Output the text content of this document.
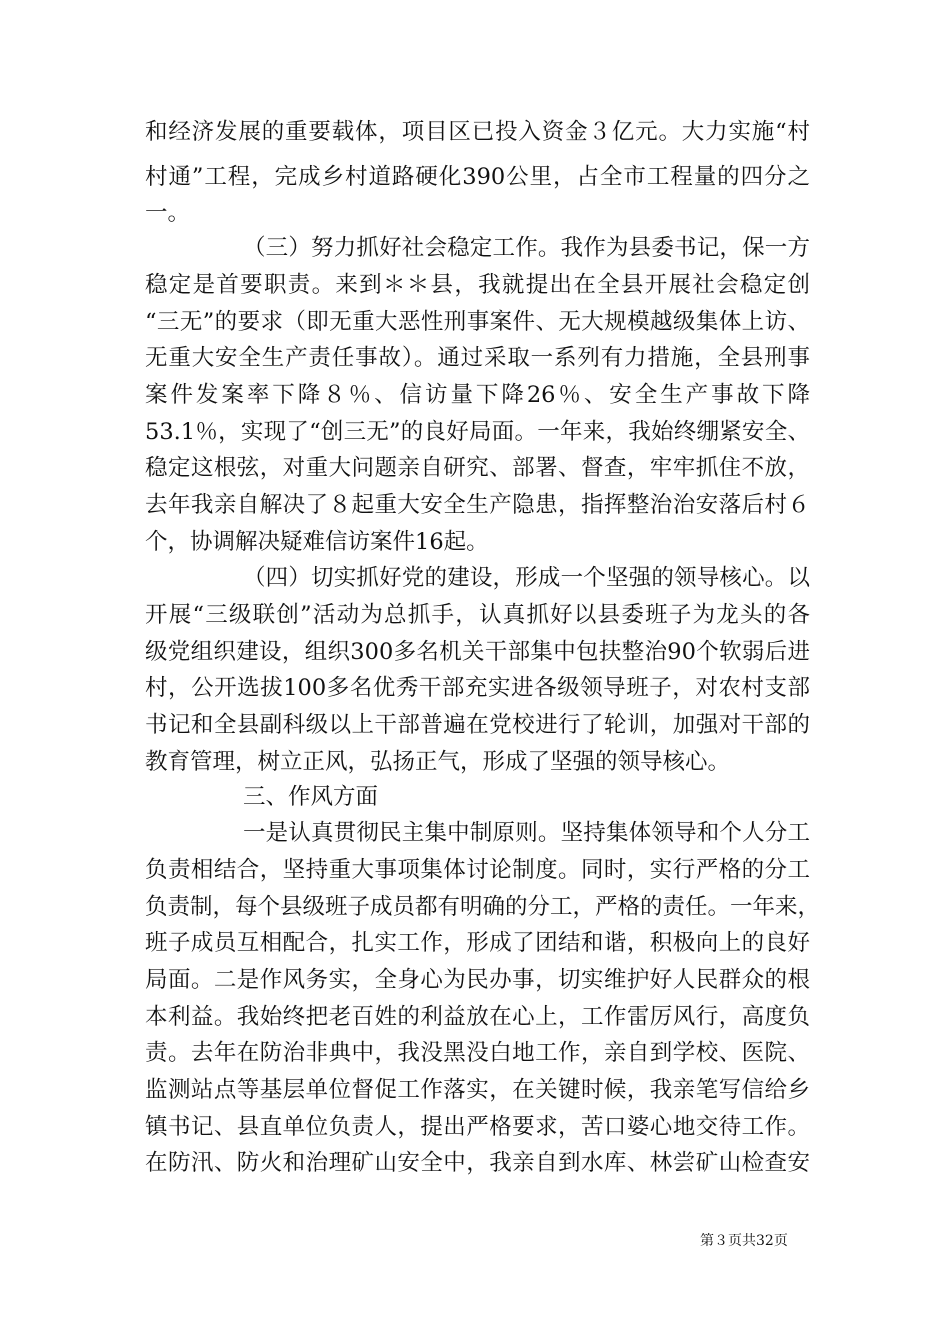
和经济发展的重要载体，项目区已投入资金３亿元。大力实施“村
村通”工程，完成乡村道路硬化390公里，占全市工程量的四分之
一。
（三）努力抓好社会稳定工作。我作为县委书记，保一方
稳定是首要职责。来到＊＊县，我就提出在全县开展社会稳定创
“三无”的要求（即无重大恶性刑事案件、无大规模越级集体上访、
无重大安全生产责任事故）。通过采取一系列有力措施，全县刑事
案件发案率下降８％、信访量下降26％、安全生产事故下降
53.1％，实现了“创三无”的良好局面。一年来，我始终绷紧安全、
稳定这根弦，对重大问题亲自研究、部署、督查，牢牢抓住不放，
去年我亲自解决了８起重大安全生产隐患，指挥整治治安落后村６
个，协调解决疑难信访案件16起。
（四）切实抓好党的建设，形成一个坚强的领导核心。以
开展“三级联创”活动为总抓手，认真抓好以县委班子为龙头的各
级党组织建设，组织300多名机关干部集中包扶整治90个软弱后进
村，公开选拔100多名优秀干部充实进各级领导班子，对农村支部
书记和全县副科级以上干部普遍在党校进行了轮训，加强对干部的
教育管理，树立正风，弘扬正气，形成了坚强的领导核心。
三、作风方面
一是认真贯彻民主集中制原则。坚持集体领导和个人分工
负责相结合，坚持重大事项集体讨论制度。同时，实行严格的分工
负责制，每个县级班子成员都有明确的分工，严格的责任。一年来，
班子成员互相配合，扎实工作，形成了团结和谐，积极向上的良好
局面。二是作风务实，全身心为民办事，切实维护好人民群众的根
本利益。我始终把老百姓的利益放在心上，工作雷厉风行，高度负
责。去年在防治非典中，我没黑没白地工作，亲自到学校、医院、
监测站点等基层单位督促工作落实，在关键时候，我亲笔写信给乡
镇书记、县直单位负责人，提出严格要求，苦口婆心地交待工作。
在防汛、防火和治理矿山安全中，我亲自到水库、林尝矿山检查安
第３页共32页
